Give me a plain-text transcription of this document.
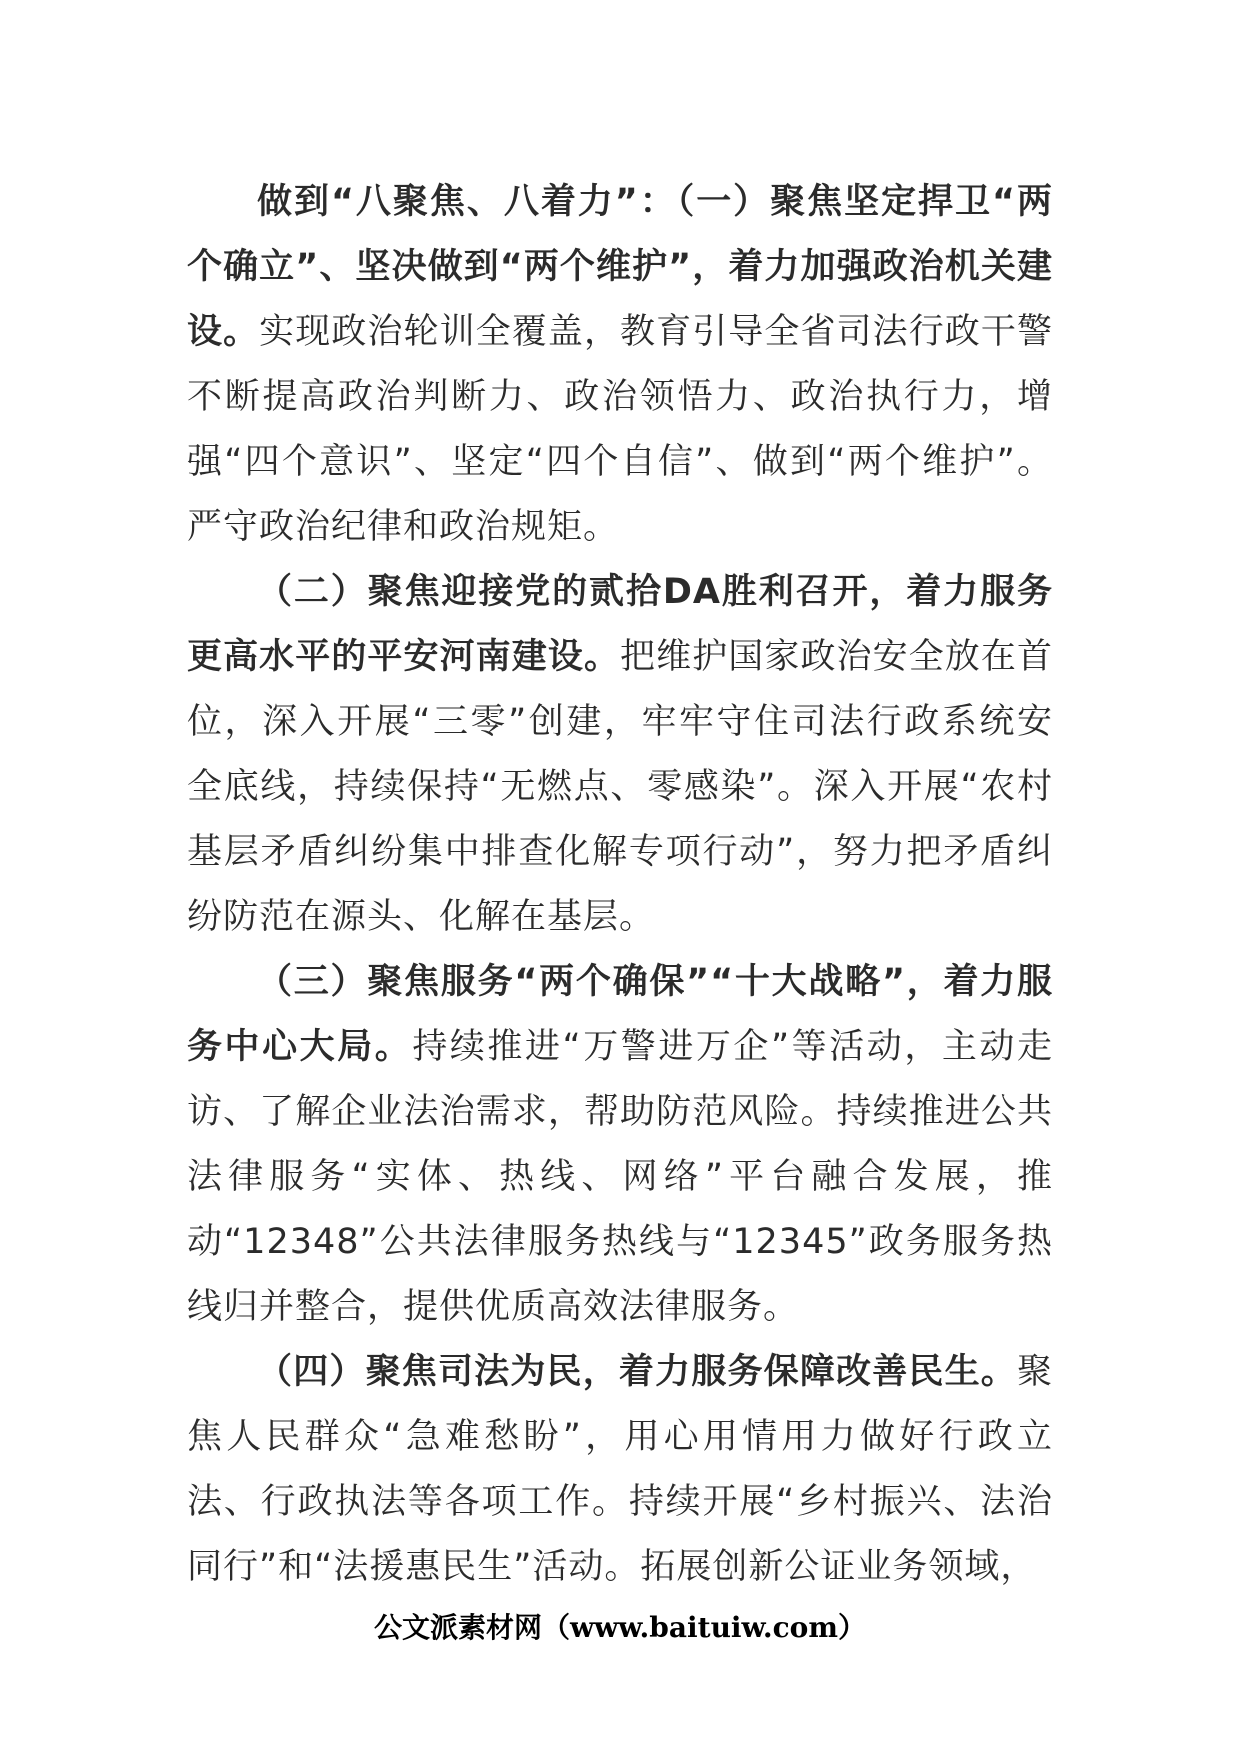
做到“八聚焦、八着力”：（一）聚焦坚定捍卫“两个确立”、坚决做到“两个维护”，着力加强政治机关建设。实现政治轮训全覆盖，教育引导全省司法行政干警不断提高政治判断力、政治领悟力、政治执行力，增强“四个意识”、坚定“四个自信”、做到“两个维护”。严守政治纪律和政治规矩。

（二）聚焦迎接党的贰拾DA胜利召开，着力服务更高水平的平安河南建设。把维护国家政治安全放在首位，深入开展“三零”创建，牢牢守住司法行政系统安全底线，持续保持“无燃点、零感染”。深入开展“农村基层矛盾纠纷集中排查化解专项行动”，努力把矛盾纠纷防范在源头、化解在基层。

（三）聚焦服务“两个确保”“十大战略”，着力服务中心大局。持续推进“万警进万企”等活动，主动走访、了解企业法治需求，帮助防范风险。持续推进公共法律服务“实体、热线、网络”平台融合发展，推动“12348”公共法律服务热线与“12345”政务服务热线归并整合，提供优质高效法律服务。

（四）聚焦司法为民，着力服务保障改善民生。聚焦人民群众“急难愁盼”，用心用情用力做好行政立法、行政执法等各项工作。持续开展“乡村振兴、法治同行”和“法援惠民生”活动。拓展创新公证业务领域，

公文派素材网（www.baituiw.com）
